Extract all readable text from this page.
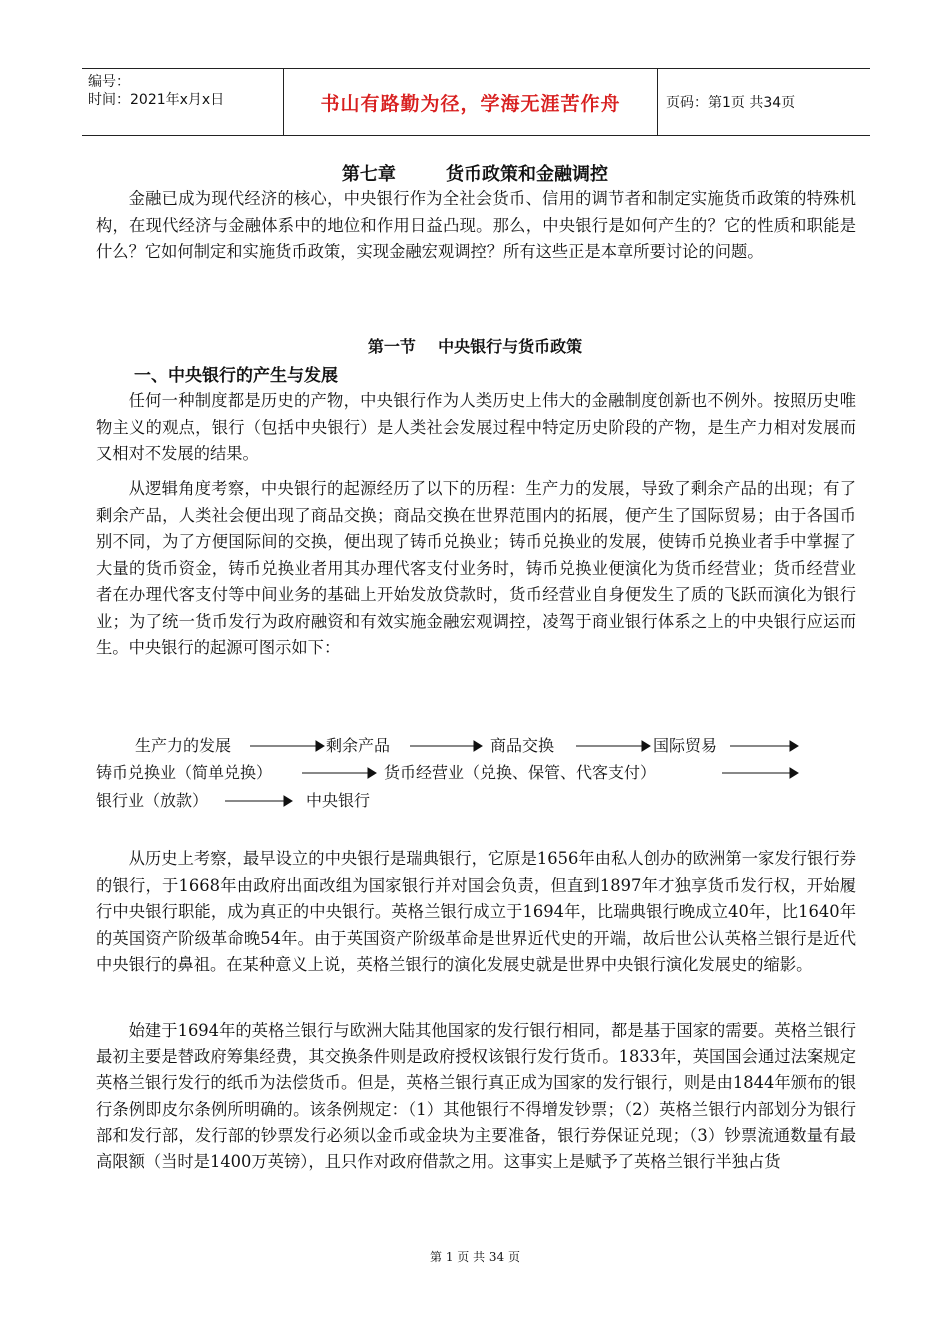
编号：
时间：2021年x月x日	书山有路勤为径，学海无涯苦作舟	页码：第1页 共34页
第七章        货币政策和金融调控

金融已成为现代经济的核心，中央银行作为全社会货币、信用的调节者和制定实施货币政策的特殊机构，在现代经济与金融体系中的地位和作用日益凸现。那么，中央银行是如何产生的？它的性质和职能是什么？它如何制定和实施货币政策，实现金融宏观调控？所有这些正是本章所要讨论的问题。

第一节    中央银行与货币政策
一、中央银行的产生与发展

任何一种制度都是历史的产物，中央银行作为人类历史上伟大的金融制度创新也不例外。按照历史唯物主义的观点，银行（包括中央银行）是人类社会发展过程中特定历史阶段的产物，是生产力相对发展而又相对不发展的结果。

从逻辑角度考察，中央银行的起源经历了以下的历程：生产力的发展，导致了剩余产品的出现；有了剩余产品，人类社会便出现了商品交换；商品交换在世界范围内的拓展，便产生了国际贸易；由于各国币别不同，为了方便国际间的交换，便出现了铸币兑换业；铸币兑换业的发展，使铸币兑换业者手中掌握了大量的货币资金，铸币兑换业者用其办理代客支付业务时，铸币兑换业便演化为货币经营业；货币经营业者在办理代客支付等中间业务的基础上开始发放贷款时，货币经营业自身便发生了质的飞跃而演化为银行业；为了统一货币发行为政府融资和有效实施金融宏观调控，凌驾于商业银行体系之上的中央银行应运而生。中央银行的起源可图示如下：

生产力的发展	剩余产品	商品交换	国际贸易
铸币兑换业（简单兑换）	货币经营业（兑换、保管、代客支付）
银行业（放款）	中央银行

从历史上考察，最早设立的中央银行是瑞典银行，它原是1656年由私人创办的欧洲第一家发行银行券的银行，于1668年由政府出面改组为国家银行并对国会负责，但直到1897年才独享货币发行权，开始履行中央银行职能，成为真正的中央银行。英格兰银行成立于1694年，比瑞典银行晚成立40年，比1640年的英国资产阶级革命晚54年。由于英国资产阶级革命是世界近代史的开端，故后世公认英格兰银行是近代中央银行的鼻祖。在某种意义上说，英格兰银行的演化发展史就是世界中央银行演化发展史的缩影。

始建于1694年的英格兰银行与欧洲大陆其他国家的发行银行相同，都是基于国家的需要。英格兰银行最初主要是替政府筹集经费，其交换条件则是政府授权该银行发行货币。1833年，英国国会通过法案规定英格兰银行发行的纸币为法偿货币。但是，英格兰银行真正成为国家的发行银行，则是由1844年颁布的银行条例即皮尔条例所明确的。该条例规定：（1）其他银行不得增发钞票；（2）英格兰银行内部划分为银行部和发行部，发行部的钞票发行必须以金币或金块为主要准备，银行券保证兑现；（3）钞票流通数量有最高限额（当时是1400万英镑），且只作对政府借款之用。这事实上是赋予了英格兰银行半独占货

第 1 页 共 34 页
